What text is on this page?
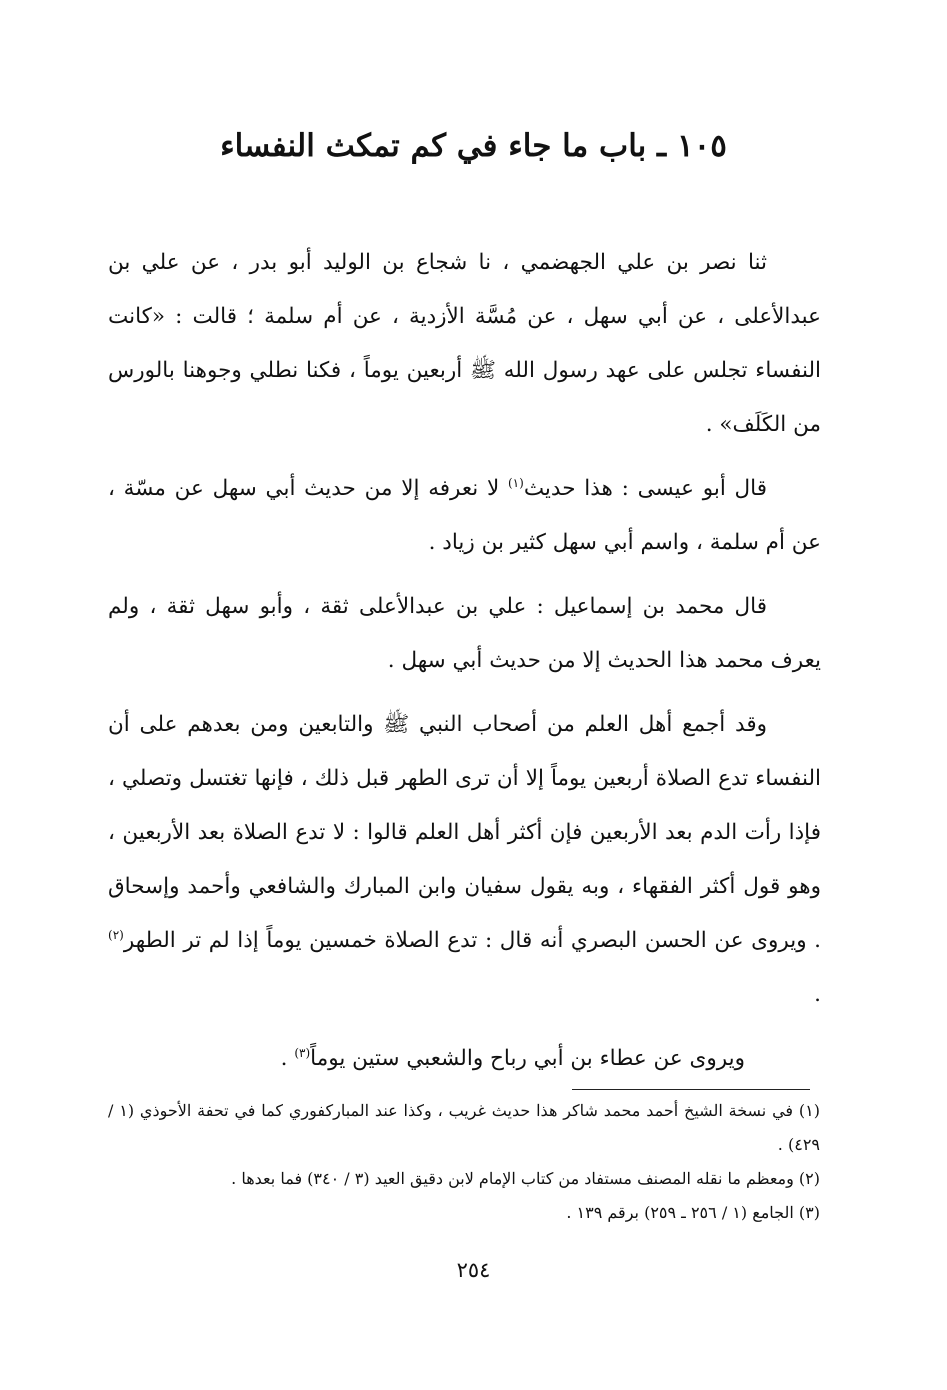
١٠٥ ـ باب ما جاء في كم تمكث النفساء

ثنا نصر بن علي الجهضمي ، نا شجاع بن الوليد أبو بدر ، عن علي بن عبدالأعلى ، عن أبي سهل ، عن مُسَّة الأزدية ، عن أم سلمة ؛ قالت : «كانت النفساء تجلس على عهد رسول الله ﷺ أربعين يوماً ، فكنا نطلي وجوهنا بالورس من الكَلَف» .

قال أبو عيسى : هذا حديث$^{(١)}$ لا نعرفه إلا من حديث أبي سهل عن مسّة ، عن أم سلمة ، واسم أبي سهل كثير بن زياد .

قال محمد بن إسماعيل : علي بن عبدالأعلى ثقة ، وأبو سهل ثقة ، ولم يعرف محمد هذا الحديث إلا من حديث أبي سهل .

وقد أجمع أهل العلم من أصحاب النبي ﷺ والتابعين ومن بعدهم على أن النفساء تدع الصلاة أربعين يوماً إلا أن ترى الطهر قبل ذلك ، فإنها تغتسل وتصلي ، فإذا رأت الدم بعد الأربعين فإن أكثر أهل العلم قالوا : لا تدع الصلاة بعد الأربعين ، وهو قول أكثر الفقهاء ، وبه يقول سفيان وابن المبارك والشافعي وأحمد وإسحاق . ويروى عن الحسن البصري أنه قال : تدع الصلاة خمسين يوماً إذا لم تر الطهر$^{(٢)}$ .

ويروى عن عطاء بن أبي رباح والشعبي ستين يوماً$^{(٣)}$ .

(١) في نسخة الشيخ أحمد محمد شاكر هذا حديث غريب ، وكذا عند المباركفوري كما في تحفة الأحوذي (١ / ٤٢٩) .

(٢) ومعظم ما نقله المصنف مستفاد من كتاب الإمام لابن دقيق العيد (٣ / ٣٤٠) فما بعدها .

(٣) الجامع (١ / ٢٥٦ ـ ٢٥٩) برقم ١٣٩ .

٢٥٤
